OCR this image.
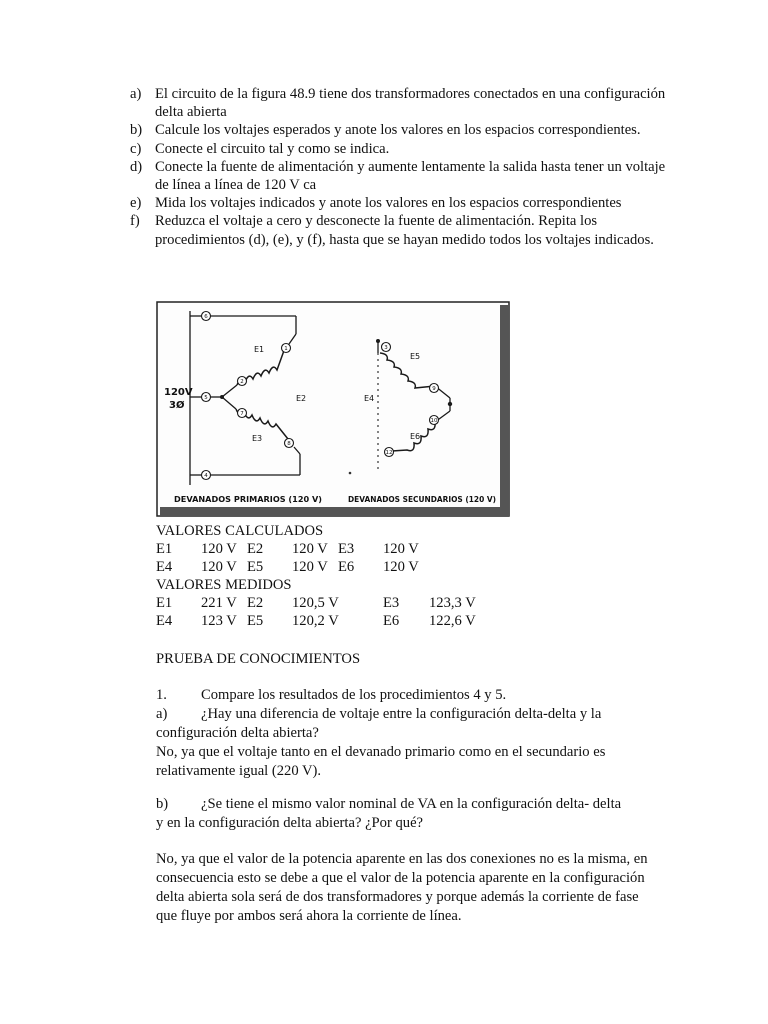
a) El circuito de la figura 48.9 tiene dos transformadores conectados en una configuración delta abierta
b) Calcule los voltajes esperados y anote los valores en los espacios correspondientes.
c) Conecte el circuito tal y como se indica.
d) Conecte la fuente de alimentación y aumente lentamente la salida hasta tener un voltaje de línea a línea de 120 V ca
e) Mida los voltajes indicados y anote los valores en los espacios correspondientes
f)	Reduzca el voltaje a cero y desconecte la fuente de alimentación. Repita los procedimientos (d), (e), y (f), hasta que se hayan medido todos los voltajes indicados.
6
5
4
1
2
7
8
3
9
10
12
E1
E2
E3
E4
E5
E6
120V
3Ø
DEVANADOS PRIMARIOS (120 V)	DEVANADOS SECUNDARIOS (120 V)
VALORES CALCULADOS
E1 120 V E2 120 V E3 120 V
E4 120 V E5 120 V E6 120 V
VALORES MEDIDOS
E1 221 V E2 120,5 V	E3 123,3 V
E4 123 V E5 120,2 V	E6 122,6 V
PRUEBA DE CONOCIMIENTOS
1.	Compare los resultados de los procedimientos 4 y 5.
a)	¿Hay una diferencia de voltaje entre la configuración delta-delta y la
configuración delta abierta?
No, ya que el voltaje tanto en el devanado primario como en el secundario es relativamente igual (220 V).
b)	¿Se tiene el mismo valor nominal de VA en la configuración delta- delta
y en la configuración delta abierta? ¿Por qué?
No, ya que el valor de la potencia aparente en las dos conexiones no es la misma, en consecuencia esto se debe a que el valor de la potencia aparente en la configuración delta abierta sola será de dos transformadores y porque además la corriente de fase que fluye por ambos será ahora la corriente de línea.
